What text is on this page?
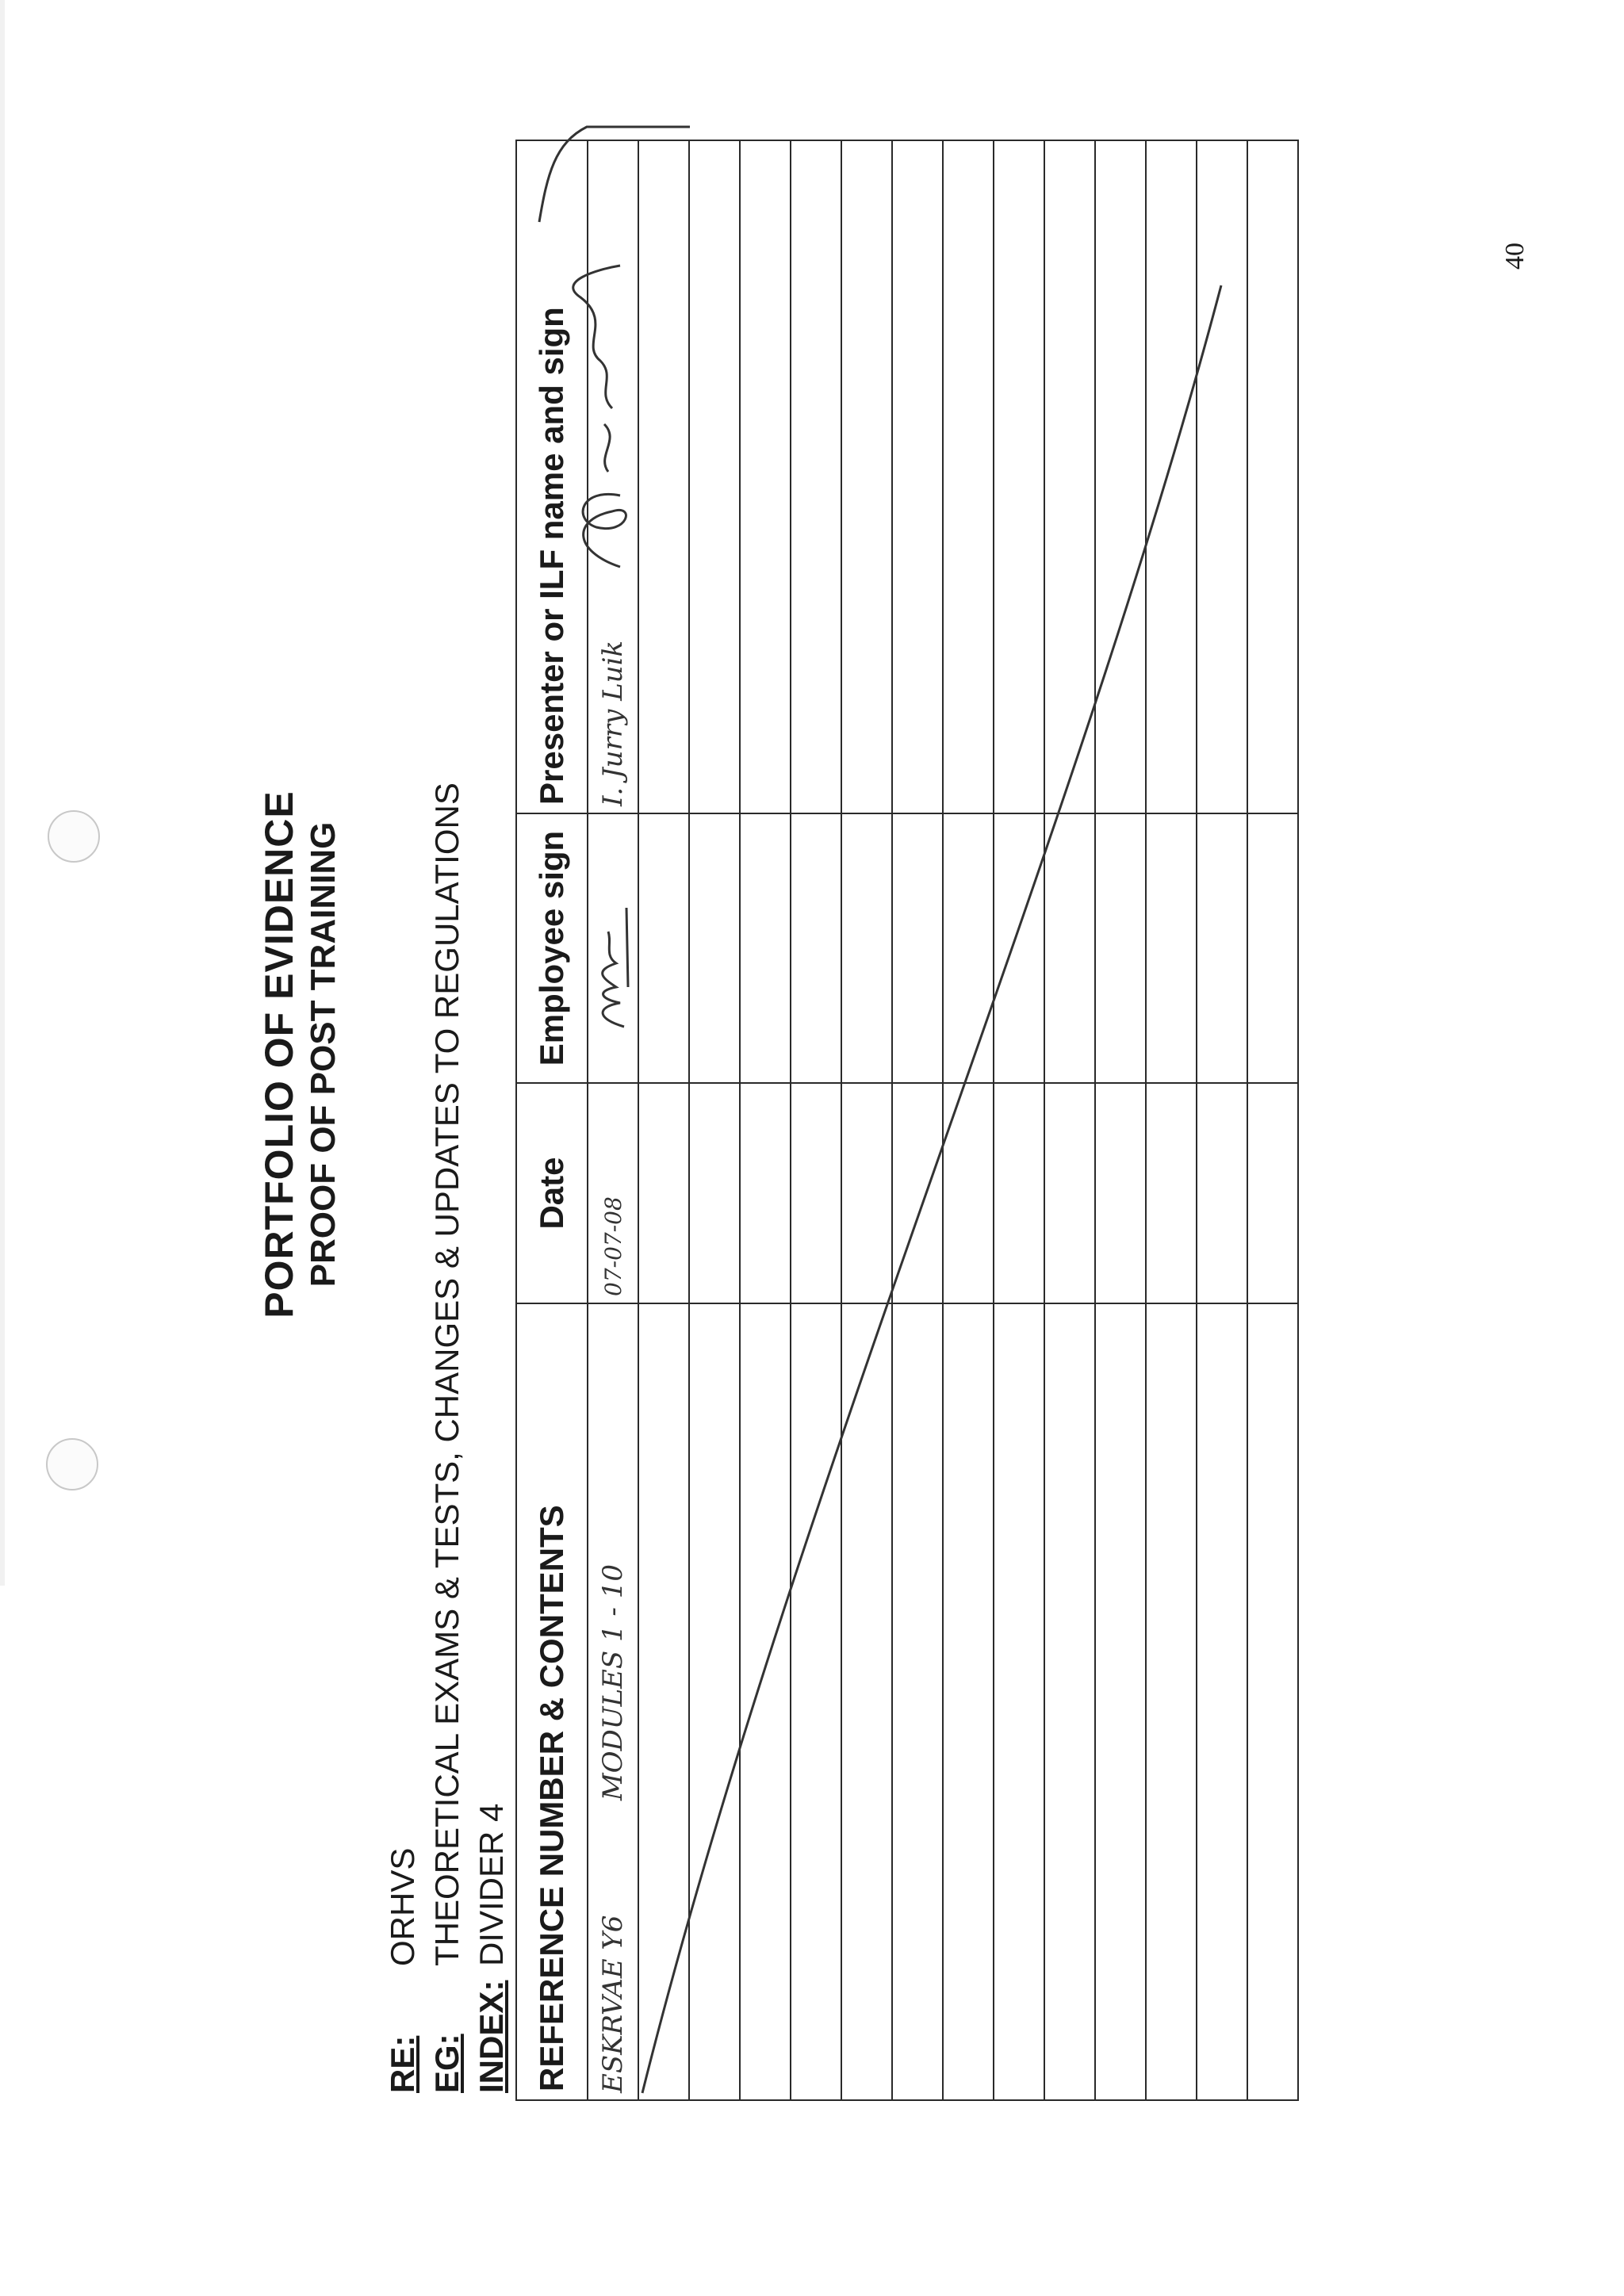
40
PORTFOLIO OF EVIDENCE PROOF OF POST TRAINING
RE:
ORHVS
EG:
THEORETICAL EXAMS & TESTS, CHANGES & UPDATES TO REGULATIONS
INDEX:
DIVIDER 4 REFERENCE NUMBER & CONTENTS	Date	Employee sign	Presenter or ILF name and sign
ESKRVAE Y6 MODULES 1 - 10	07-07-08		I. Jurry Luik
